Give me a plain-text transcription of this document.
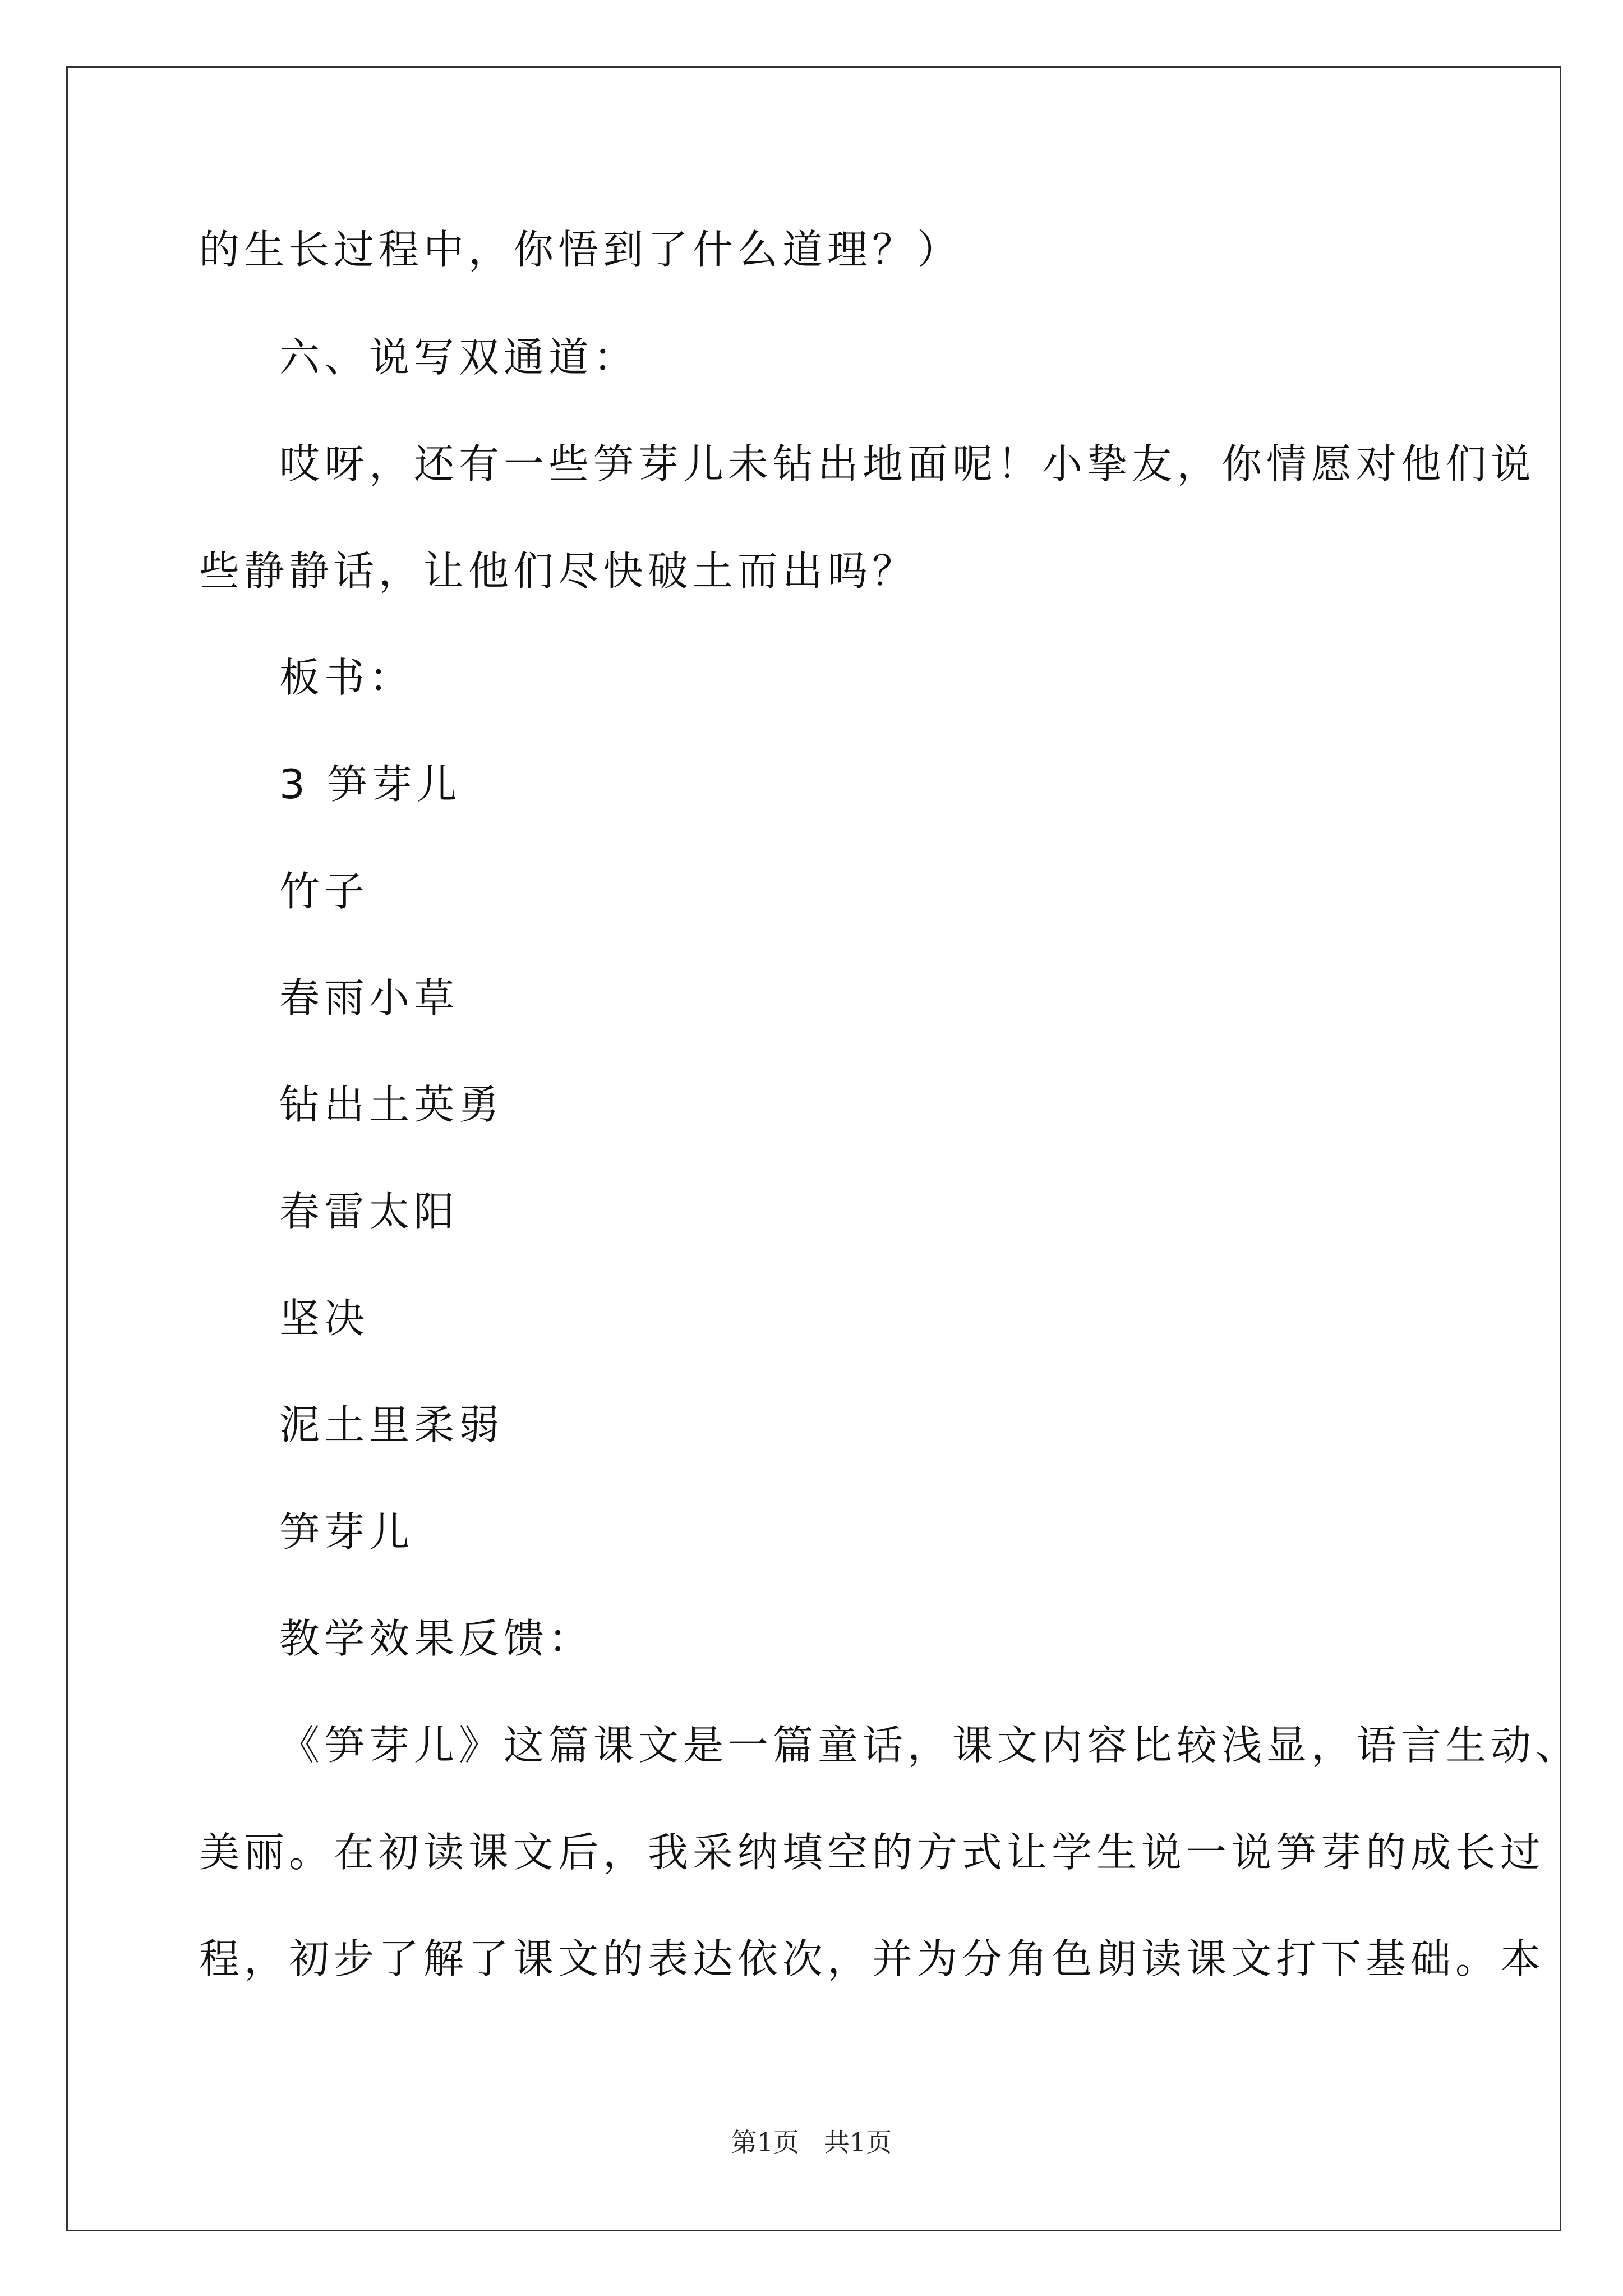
的生长过程中，你悟到了什么道理？）
六、说写双通道：
哎呀，还有一些笋芽儿未钻出地面呢！小挚友，你情愿对他们说
些静静话，让他们尽快破土而出吗？
板书：
3 笋芽儿
竹子
春雨小草
钻出土英勇
春雷太阳
坚决
泥土里柔弱
笋芽儿
教学效果反馈：
《笋芽儿》这篇课文是一篇童话，课文内容比较浅显，语言生动、
美丽。在初读课文后，我采纳填空的方式让学生说一说笋芽的成长过
程，初步了解了课文的表达依次，并为分角色朗读课文打下基础。本
第1页   共1页
